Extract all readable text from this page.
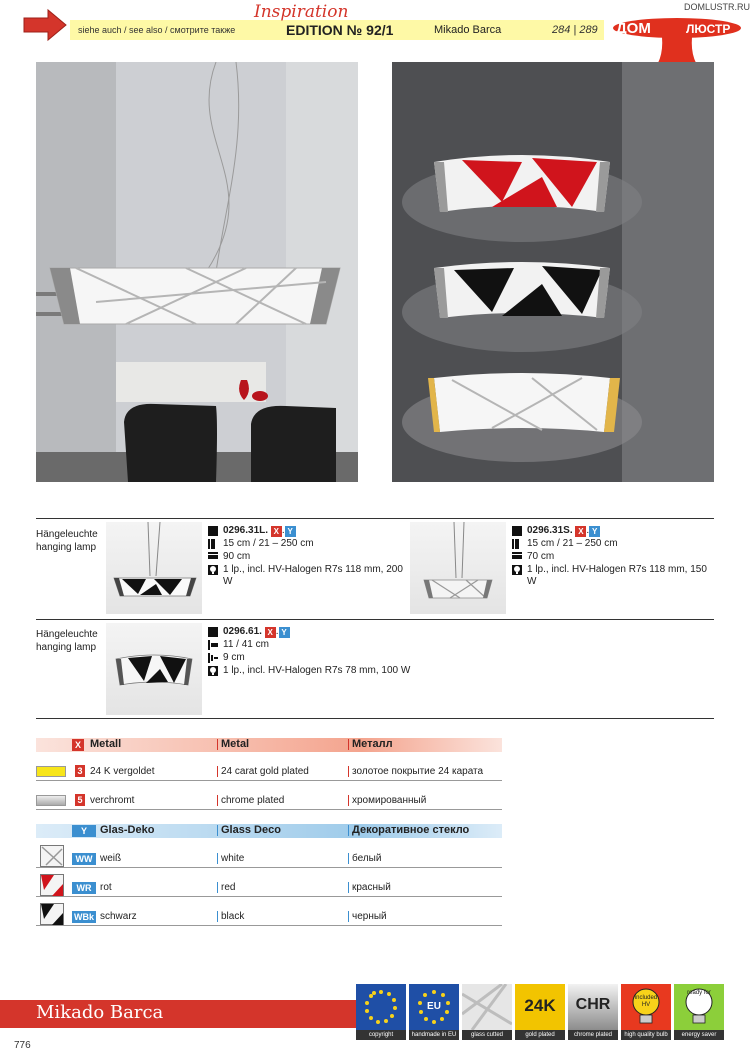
siehe auch / see also / смотрите также
Inspiration
EDITION № 92/1	Mikado Barca	284 | 289
DOMLUSTR.RU
ДОМ	ЛЮСТР
Hängeleuchte
hanging lamp
0296.31L. X . Y
15 cm / 21 – 250 cm
90 cm
1 lp., incl. HV-Halogen R7s 118 mm, 200 W
0296.31S. X . Y
15 cm / 21 – 250 cm
70 cm
1 lp., incl. HV-Halogen R7s 118 mm, 150 W
Hängeleuchte
hanging lamp
0296.61. X . Y
11 / 41 cm
9 cm
1 lp., incl. HV-Halogen R7s 78 mm, 100 W
X Metall	Metal	Металл
3 24 K vergoldet	24 carat gold plated	золотое покрытие 24 карата
5 verchromt	chrome plated	хромированный
Y	Glas-Deko	Glass Deco	Декоративное стекло
WW weiß	white	белый
WR rot	red	красный
WBk schwarz	black	черный
Mikado Barca
776
copyright
EU
handmade in EU	glass cutted
24K
gold plated
CHR
chrome plated
included HV
high quality bulb
ready for
energy saver
